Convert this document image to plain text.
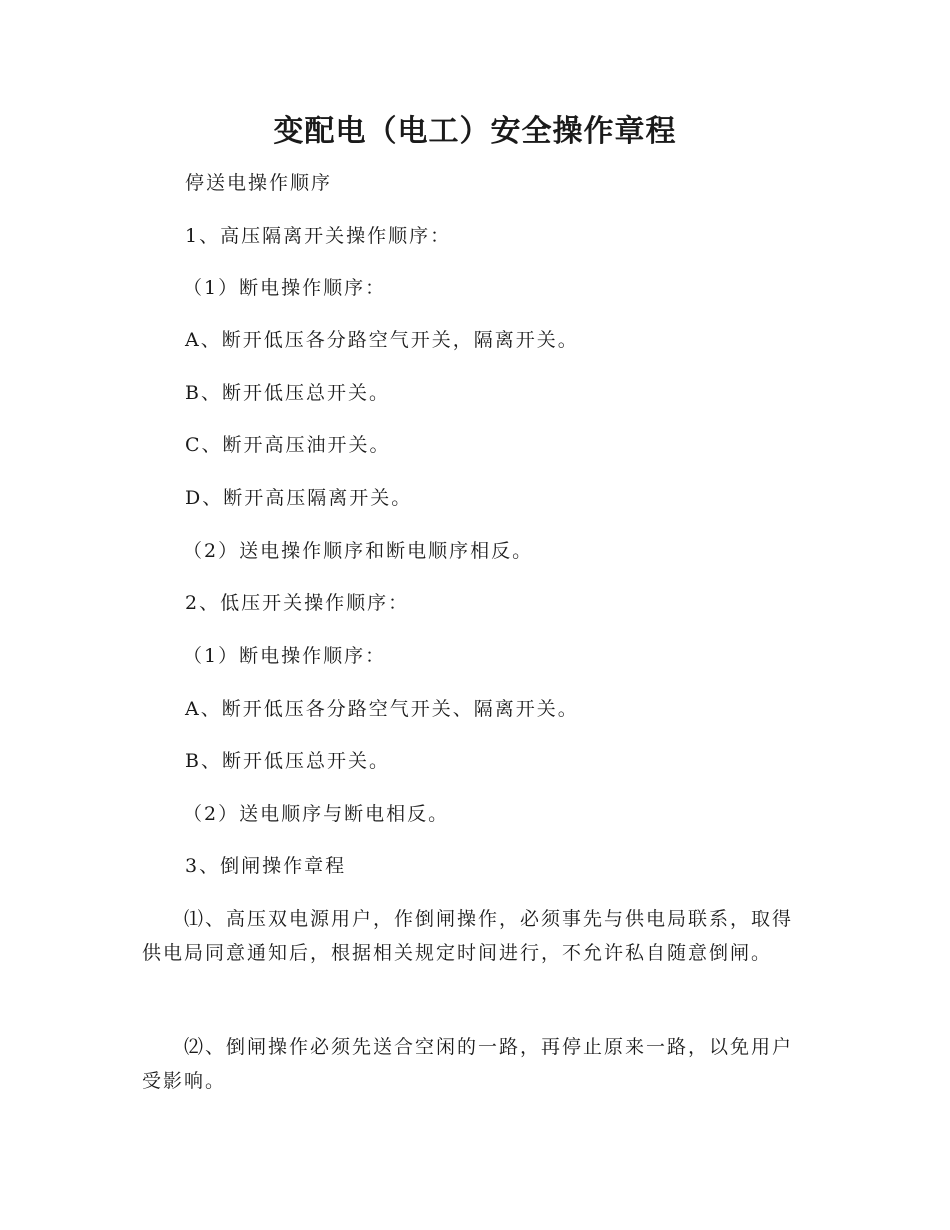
变配电（电工）安全操作章程
停送电操作顺序
1、高压隔离开关操作顺序：
（1）断电操作顺序：
A、断开低压各分路空气开关，隔离开关。
B、断开低压总开关。
C、断开高压油开关。
D、断开高压隔离开关。
（2）送电操作顺序和断电顺序相反。
2、低压开关操作顺序：
（1）断电操作顺序：
A、断开低压各分路空气开关、隔离开关。
B、断开低压总开关。
（2）送电顺序与断电相反。
3、倒闸操作章程
⑴、高压双电源用户，作倒闸操作，必须事先与供电局联系，取得供电局同意通知后，根据相关规定时间进行，不允许私自随意倒闸。
⑵、倒闸操作必须先送合空闲的一路，再停止原来一路，以免用户受影响。
